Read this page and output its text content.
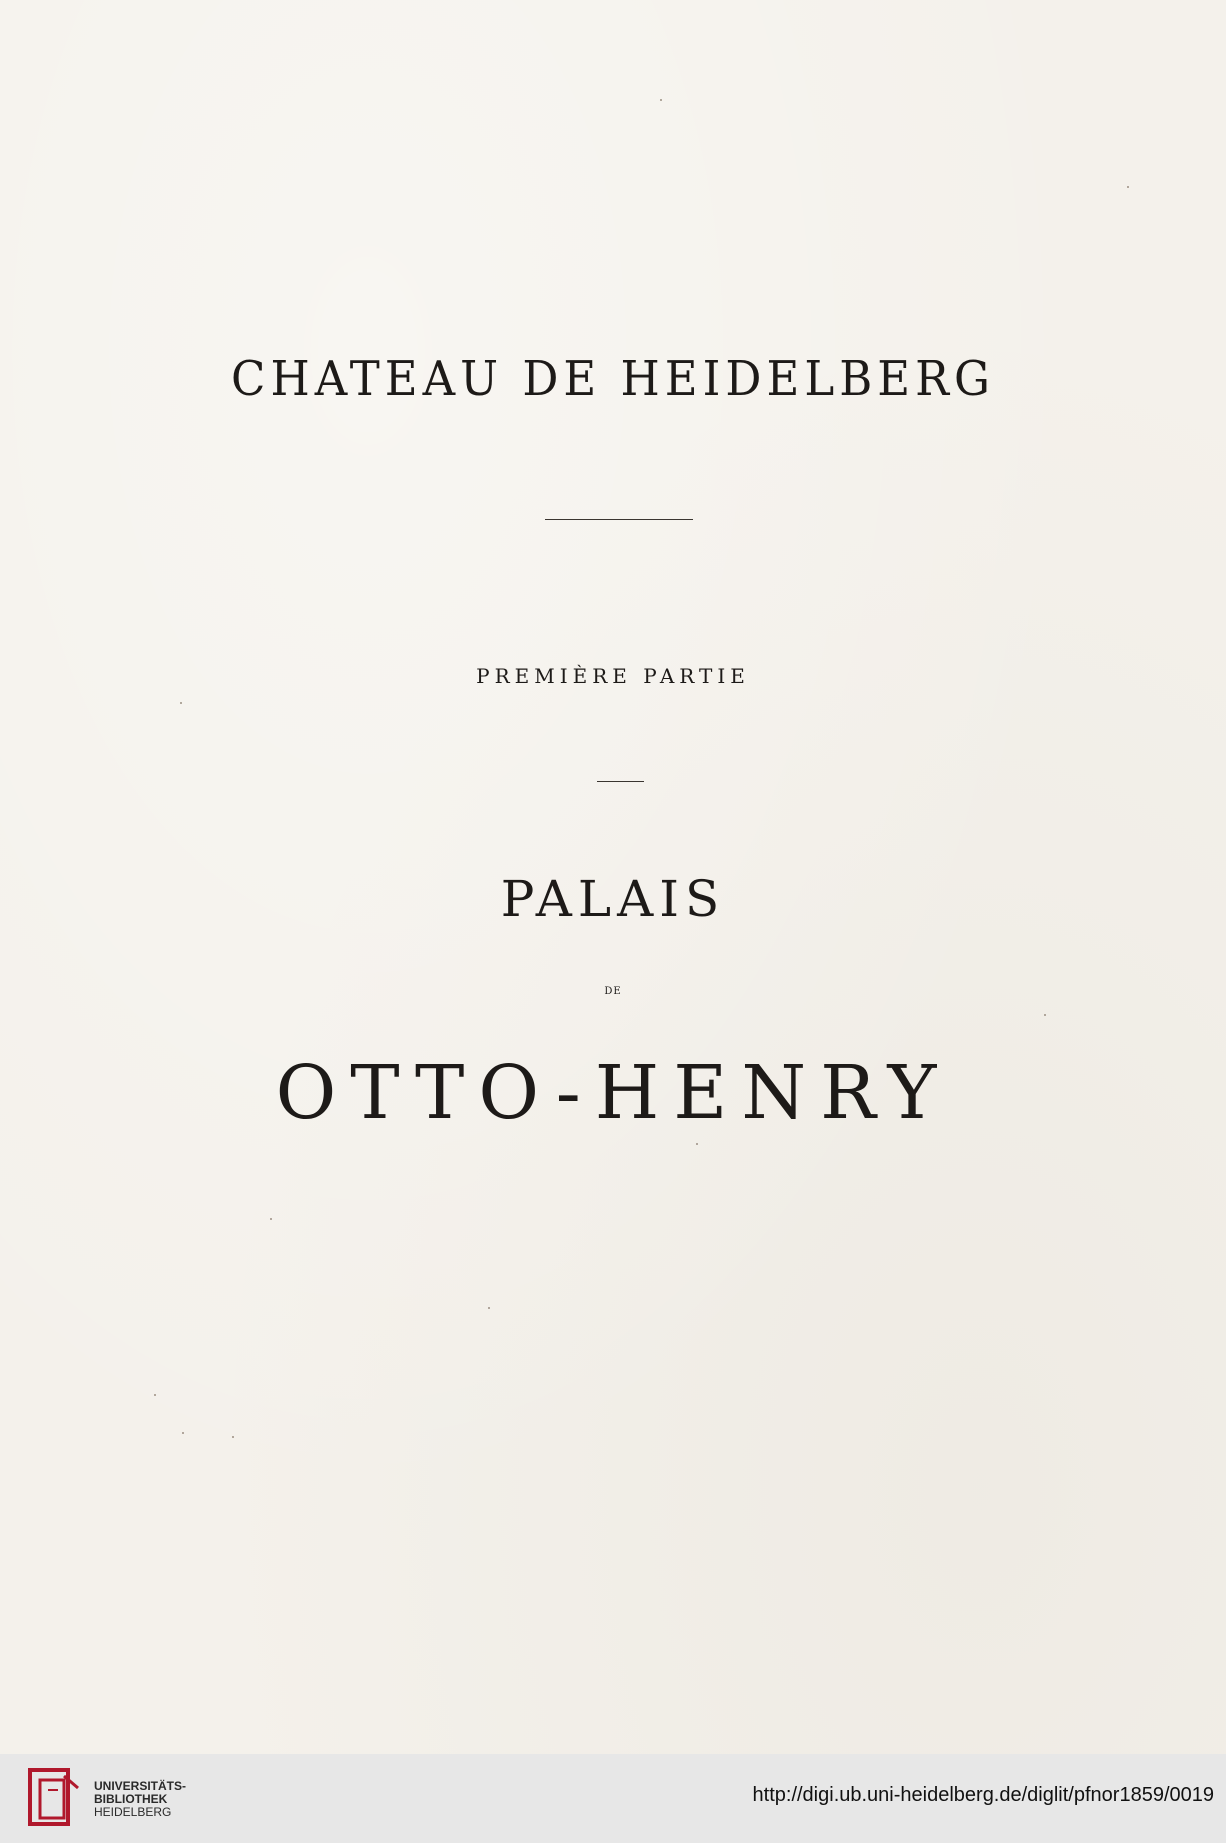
CHATEAU DE HEIDELBERG
PREMIÈRE PARTIE
PALAIS
DE
OTTO-HENRY
UNIVERSITÄTS-
BIBLIOTHEK
HEIDELBERG
http://digi.ub.uni-heidelberg.de/diglit/pfnor1859/0019
